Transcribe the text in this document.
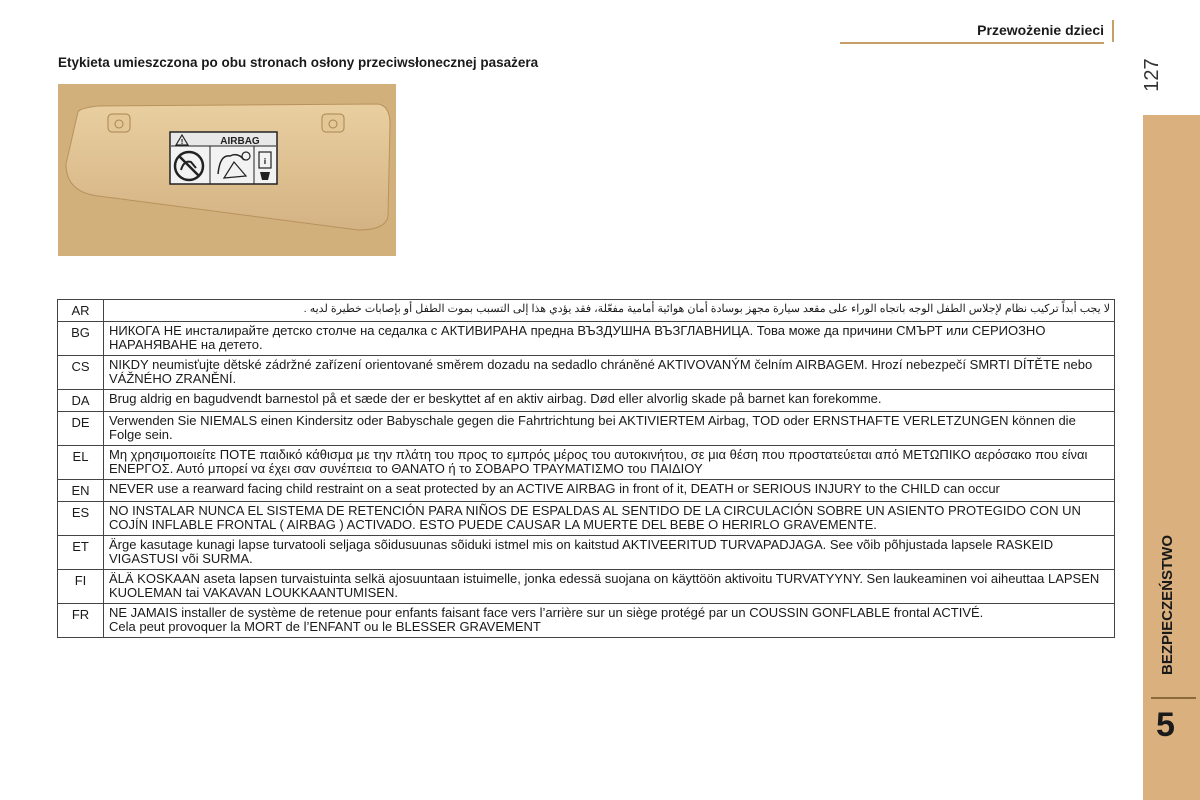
Przewożenie dzieci
127
BEZPIECZEŃSTWO
5
Etykieta umieszczona po obu stronach osłony przeciwsłonecznej pasażera
!	AIRBAG
i
AR	لا يجب أبداً تركيب نظام لإجلاس الطفل الوجه باتجاه الوراء على مقعد سيارة مجهز بوسادة أمان هوائية أمامية مفعّلة، فقد يؤدي هذا إلى التسبب بموت الطفل أو بإصابات خطيرة لديه .
BG	НИКОГА НЕ инсталирайте детско столче на седалка с АКТИВИРАНА предна ВЪЗДУШНА ВЪЗГЛАВНИЦА. Това може да причини СМЪРТ или СЕРИОЗНО НАРАНЯВАНЕ на детето.
CS	NIKDY neumisťujte dětské zádržné zařízení orientované směrem dozadu na sedadlo chráněné AKTIVOVANÝM čelním AIRBAGEM. Hrozí nebezpečí SMRTI DÍTĚTE nebo VÁŽNÉHO ZRANĚNÍ.
DA	Brug aldrig en bagudvendt barnestol på et sæde der er beskyttet af en aktiv airbag. Død eller alvorlig skade på barnet kan forekomme.
DE	Verwenden Sie NIEMALS einen Kindersitz oder Babyschale gegen die Fahrtrichtung bei AKTIVIERTEM Airbag, TOD oder ERNSTHAFTE VERLETZUNGEN können die Folge sein.
EL	Μη χρησιμοποιείτε ΠΟΤΕ παιδικό κάθισμα με την πλάτη του προς το εμπρός μέρος του αυτοκινήτου, σε μια θέση που προστατεύεται από ΜΕΤΩΠΙΚΟ αερόσακο που είναι ΕΝΕΡΓΟΣ. Αυτό μπορεί να έχει σαν συνέπεια το ΘΑΝΑΤΟ ή το ΣΟΒΑΡΟ ΤΡΑΥΜΑΤΙΣΜΟ του ΠΑΙΔΙΟΥ
EN	NEVER use a rearward facing child restraint on a seat protected by an ACTIVE AIRBAG in front of it, DEATH or SERIOUS INJURY to the CHILD can occur
ES	NO INSTALAR NUNCA EL SISTEMA DE RETENCIÓN PARA NIÑOS DE ESPALDAS AL SENTIDO DE LA CIRCULACIÓN SOBRE UN ASIENTO PROTEGIDO CON UN COJÍN INFLABLE FRONTAL ( AIRBAG ) ACTIVADO. ESTO PUEDE CAUSAR LA MUERTE DEL BEBE O HERIRLO GRAVEMENTE.
ET	Ärge kasutage kunagi lapse turvatooli seljaga sõidusuunas sõiduki istmel mis on kaitstud AKTIVEERITUD TURVAPADJAGA. See võib põhjustada lapsele RASKEID VIGASTUSI või SURMA.
FI	ÄLÄ KOSKAAN aseta lapsen turvaistuinta selkä ajosuuntaan istuimelle, jonka edessä suojana on käyttöön aktivoitu TURVATYYNY. Sen laukeaminen voi aiheuttaa LAPSEN KUOLEMAN tai VAKAVAN LOUKKAANTUMISEN.
FR	NE JAMAIS installer de système de retenue pour enfants faisant face vers l’arrière sur un siège protégé par un COUSSIN GONFLABLE frontal ACTIVÉ.
Cela peut provoquer la MORT de l’ENFANT ou le BLESSER GRAVEMENT
